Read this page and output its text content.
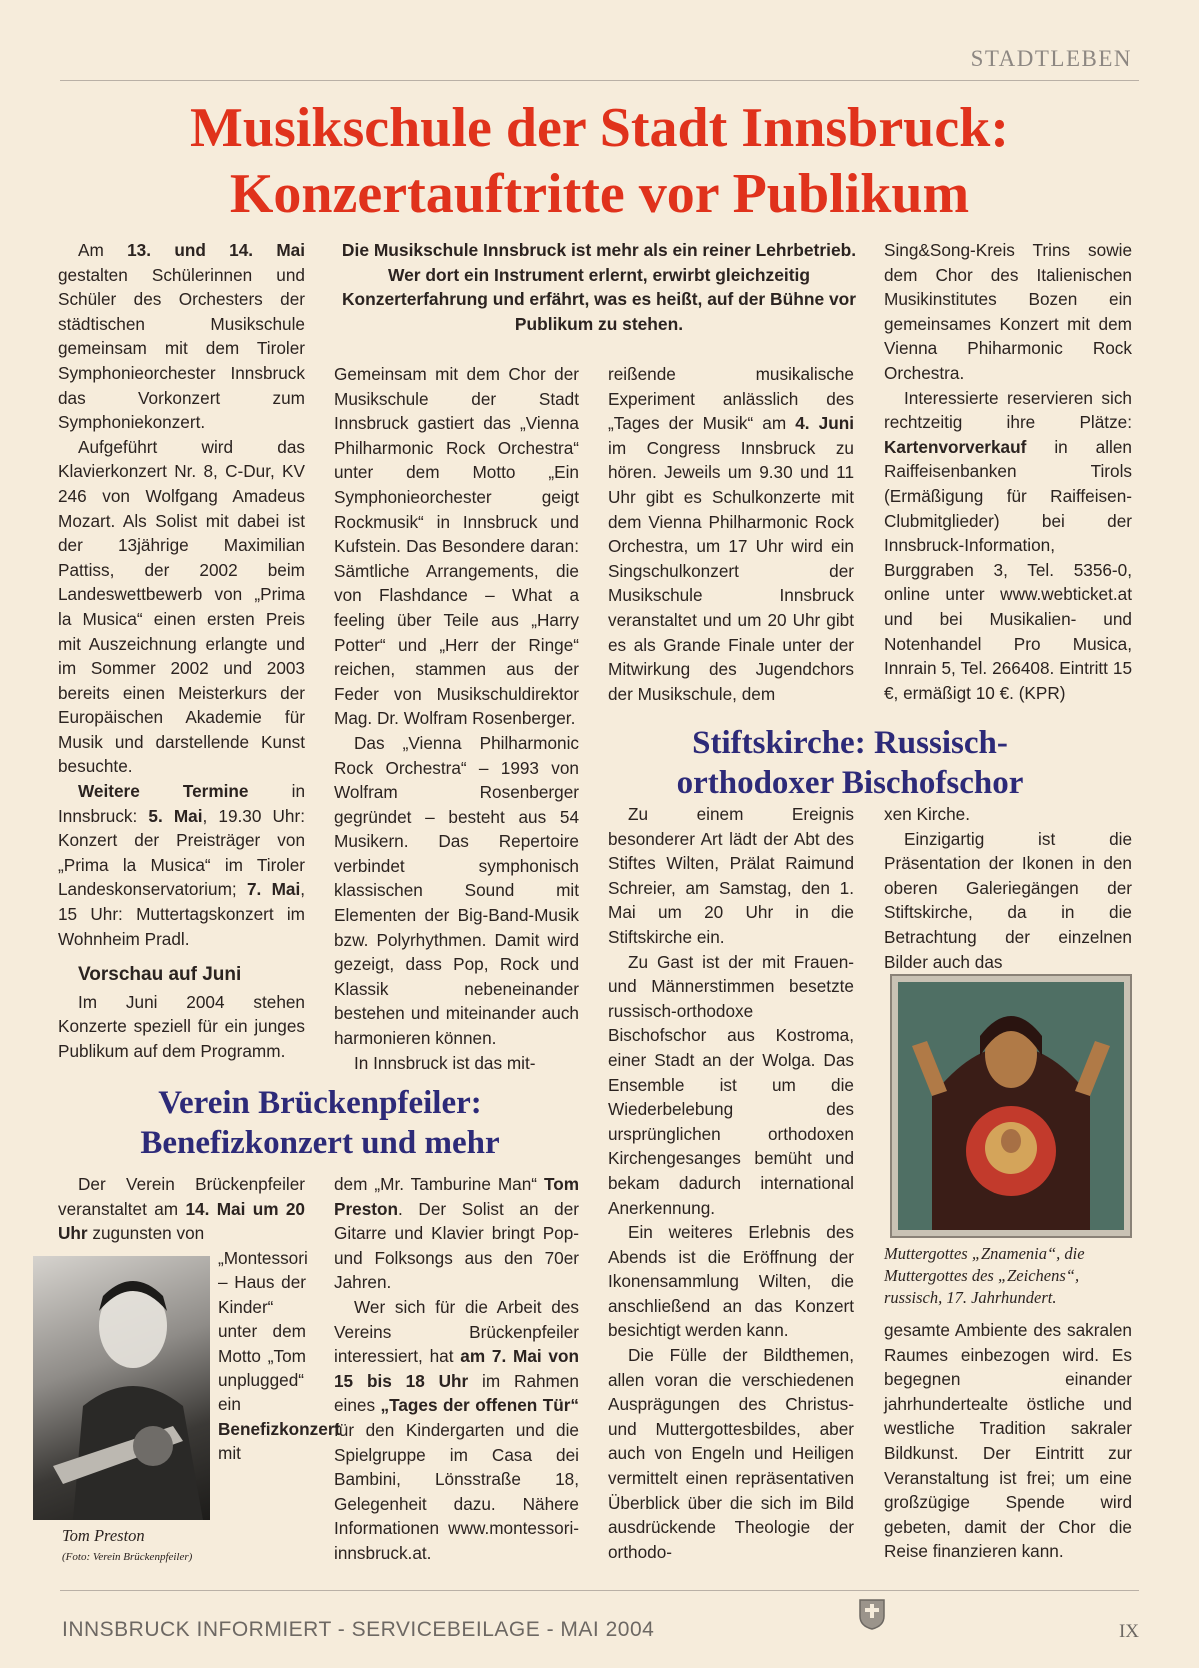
STADTLEBEN
Musikschule der Stadt Innsbruck:
Konzertauftritte vor Publikum

Am 13. und 14. Mai gestalten Schülerinnen und Schüler des Orchesters der städtischen Musikschule gemeinsam mit dem Tiroler Symphonieorchester Innsbruck das Vorkonzert zum Symphoniekonzert.

Aufgeführt wird das Klavierkonzert Nr. 8, C-Dur, KV 246 von Wolfgang Amadeus Mozart. Als Solist mit dabei ist der 13jährige Maximilian Pattiss, der 2002 beim Landeswettbewerb von „Prima la Musica“ einen ersten Preis mit Auszeichnung erlangte und im Sommer 2002 und 2003 bereits einen Meisterkurs der Europäischen Akademie für Musik und darstellende Kunst besuchte.

Weitere Termine in Innsbruck: 5. Mai, 19.30 Uhr: Konzert der Preisträger von „Prima la Musica“ im Tiroler Landeskonservatorium; 7. Mai, 15 Uhr: Muttertagskonzert im Wohnheim Pradl.

Vorschau auf Juni

Im Juni 2004 stehen Konzerte speziell für ein junges Publikum auf dem Programm.

Die Musikschule Innsbruck ist mehr als ein reiner Lehrbetrieb. Wer dort ein Instrument erlernt, erwirbt gleichzeitig Konzerterfahrung und erfährt, was es heißt, auf der Bühne vor Publikum zu stehen.

Gemeinsam mit dem Chor der Musikschule der Stadt Innsbruck gastiert das „Vienna Philharmonic Rock Orchestra“ unter dem Motto „Ein Symphonieorchester geigt Rockmusik“ in Innsbruck und Kufstein. Das Besondere daran: Sämtliche Arrangements, die von Flashdance – What a feeling über Teile aus „Harry Potter“ und „Herr der Ringe“ reichen, stammen aus der Feder von Musikschuldirektor Mag. Dr. Wolfram Rosenberger.

Das „Vienna Philharmonic Rock Orchestra“ – 1993 von Wolfram Rosenberger gegründet – besteht aus 54 Musikern. Das Repertoire verbindet symphonisch klassischen Sound mit Elementen der Big-Band-Musik bzw. Polyrhythmen. Damit wird gezeigt, dass Pop, Rock und Klassik nebeneinander bestehen und miteinander auch harmonieren können.

In Innsbruck ist das mit-

reißende musikalische Experiment anlässlich des „Tages der Musik“ am 4. Juni im Congress Innsbruck zu hören. Jeweils um 9.30 und 11 Uhr gibt es Schulkonzerte mit dem Vienna Philharmonic Rock Orchestra, um 17 Uhr wird ein Singschulkonzert der Musikschule Innsbruck veranstaltet und um 20 Uhr gibt es als Grande Finale unter der Mitwirkung des Jugendchors der Musikschule, dem

Sing&Song-Kreis Trins sowie dem Chor des Italienischen Musikinstitutes Bozen ein gemeinsames Konzert mit dem Vienna Phiharmonic Rock Orchestra.

Interessierte reservieren sich rechtzeitig ihre Plätze: Kartenvorverkauf in allen Raiffeisenbanken Tirols (Ermäßigung für Raiffeisen-Clubmitglieder) bei der Innsbruck-Information, Burggraben 3, Tel. 5356-0, online unter www.webticket.at und bei Musikalien- und Notenhandel Pro Musica, Innrain 5, Tel. 266408. Eintritt 15 €, ermäßigt 10 €. (KPR)

Verein Brückenpfeiler:
Benefizkonzert und mehr

Der Verein Brückenpfeiler veranstaltet am 14. Mai um 20 Uhr zugunsten von

Tom Preston
(Foto: Verein Brückenpfeiler)

„Montessori – Haus der Kinder“ unter dem Motto „Tom unplugged“ ein Benefizkonzert mit

dem „Mr. Tamburine Man“ Tom Preston. Der Solist an der Gitarre und Klavier bringt Pop- und Folksongs aus den 70er Jahren.

Wer sich für die Arbeit des Vereins Brückenpfeiler interessiert, hat am 7. Mai von 15 bis 18 Uhr im Rahmen eines „Tages der offenen Tür“ für den Kindergarten und die Spielgruppe im Casa dei Bambini, Lönsstraße 18, Gelegenheit dazu. Nähere Informationen www.montessori-innsbruck.at.

Stiftskirche: Russisch-
orthodoxer Bischofschor

Zu einem Ereignis besonderer Art lädt der Abt des Stiftes Wilten, Prälat Raimund Schreier, am Samstag, den 1. Mai um 20 Uhr in die Stiftskirche ein.

Zu Gast ist der mit Frauen- und Männerstimmen besetzte russisch-orthodoxe Bischofschor aus Kostroma, einer Stadt an der Wolga. Das Ensemble ist um die Wiederbelebung des ursprünglichen orthodoxen Kirchengesanges bemüht und bekam dadurch international Anerkennung.

Ein weiteres Erlebnis des Abends ist die Eröffnung der Ikonensammlung Wilten, die anschließend an das Konzert besichtigt werden kann.

Die Fülle der Bildthemen, allen voran die verschiedenen Ausprägungen des Christus- und Muttergottesbildes, aber auch von Engeln und Heiligen vermittelt einen repräsentativen Überblick über die sich im Bild ausdrückende Theologie der orthodo-

xen Kirche.

Einzigartig ist die Präsentation der Ikonen in den oberen Galeriegängen der Stiftskirche, da in die Betrachtung der einzelnen Bilder auch das

Muttergottes „Znamenia“, die Muttergottes des „Zeichens“, russisch, 17. Jahrhundert.

gesamte Ambiente des sakralen Raumes einbezogen wird. Es begegnen einander jahrhundertealte östliche und westliche Tradition sakraler Bildkunst. Der Eintritt zur Veranstaltung ist frei; um eine großzügige Spende wird gebeten, damit der Chor die Reise finanzieren kann.

INNSBRUCK INFORMIERT - SERVICEBEILAGE - MAI 2004	IX
